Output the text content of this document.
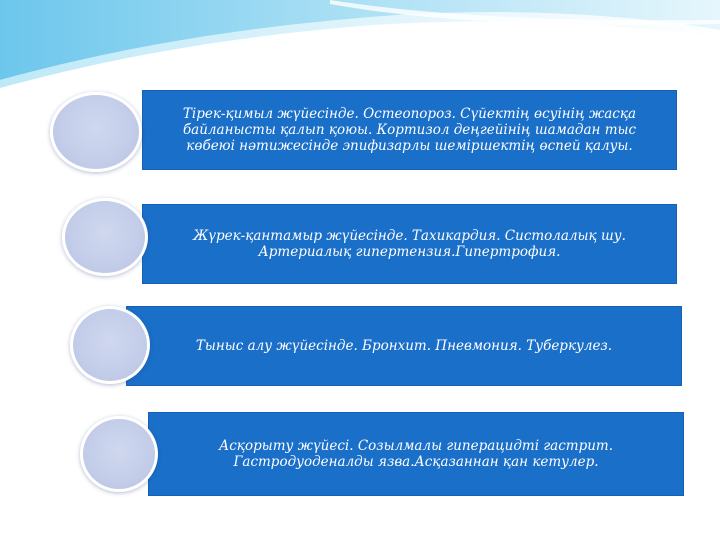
Тірек-қимыл жүйесінде. Остеопороз. Сүйектің өсуінің жасқа байланысты қалып қоюы. Кортизол деңгейінің шамадан тыс көбеюі нәтижесінде эпифизарлы шеміршектің өспей қалуы.
Жүрек-қантамыр жүйесінде. Тахикардия. Систолалық шу. Артериалық гипертензия.Гипертрофия.
Тыныс алу жүйесінде. Бронхит. Пневмония. Туберкулез.
Асқорыту жүйесі. Созылмалы гиперацидті гастрит. Гастродуоденалды язва.Асқазаннан қан кетулер.
